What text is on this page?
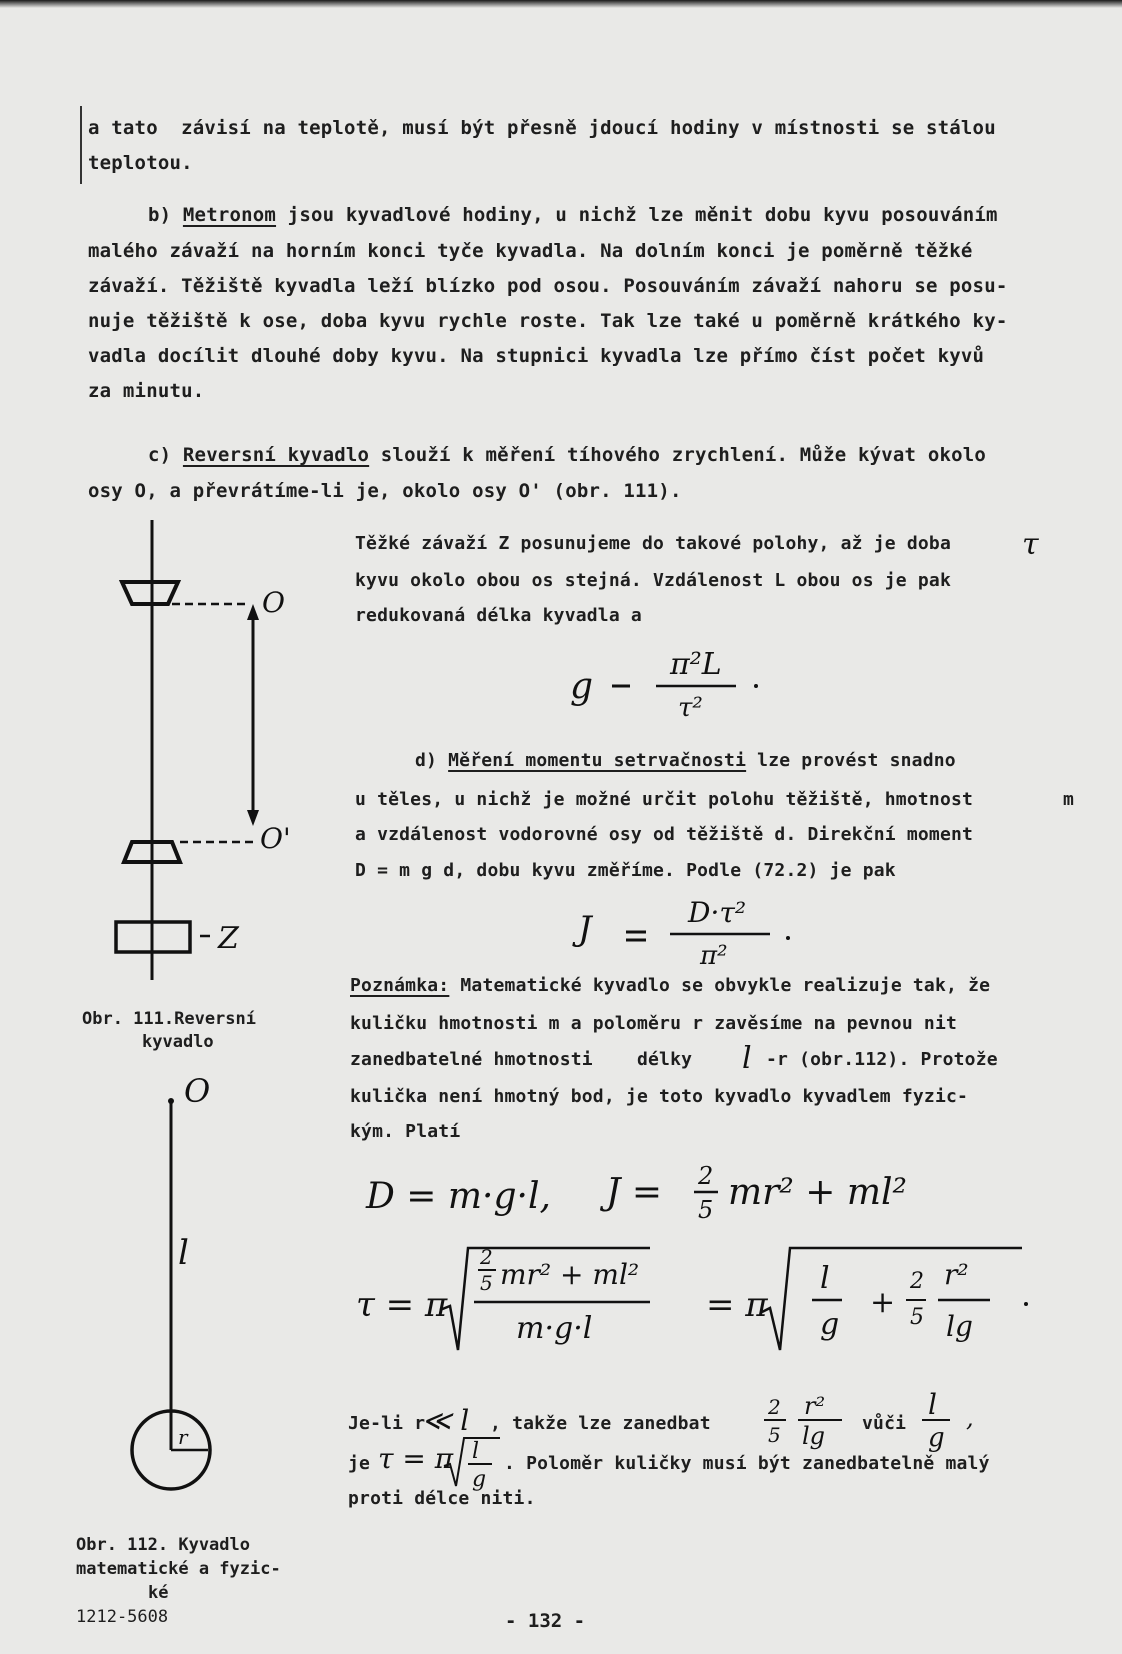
a tato  závisí na teplotě, musí být přesně jdoucí hodiny v místnosti se stálou
teplotou.
b) Metronom jsou kyvadlové hodiny, u nichž lze měnit dobu kyvu posouváním
malého závaží na horním konci tyče kyvadla. Na dolním konci je poměrně těžké
závaží. Těžiště kyvadla leží blízko pod osou. Posouváním závaží nahoru se posu-
nuje těžiště k ose, doba kyvu rychle roste. Tak lze také u poměrně krátkého ky-
vadla docílit dlouhé doby kyvu. Na stupnici kyvadla lze přímo číst počet kyvů
za minutu.
c) Reversní kyvadlo slouží k měření tíhového zrychlení. Může kývat okolo
osy O, a převrátíme-li je, okolo osy O' (obr. 111).
Těžké závaží Z posunujeme do takové polohy, až je doba
kyvu okolo obou os stejná. Vzdálenost L obou os je pak
redukovaná délka kyvadla a
τ
g
π²L
τ²
d) Měření momentu setrvačnosti lze provést snadno
u těles, u nichž je možné určit polohu těžiště, hmotnost	m
a vzdálenost vodorovné osy od těžiště d. Direkční moment
D = m g d, dobu kyvu změříme. Podle (72.2) je pak
J	D·τ²
π²
Poznámka: Matematické kyvadlo se obvykle realizuje tak, že
kuličku hmotnosti m a poloměru r zavěsíme na pevnou nit
zanedbatelné hmotnosti    délky l -r (obr.112). Protože
kulička není hmotný bod, je toto kyvadlo kyvadlem fyzic-
kým. Platí
D = m·g·l, J = 2
5 mr² + ml²
τ = π
2
5 mr² + ml²
m·g·l
= π
l
g
+
2
5
r²
lg
Je-li r
≪ l , takže lze zanedbat
2
5
r²
lg vůči
l
g
,
je τ = π l
g
. Poloměr kuličky musí být zanedbatelně malý
proti délce niti.
O
O'
Z
Obr. 111.Reversní
kyvadlo
O
l
r
Obr. 112. Kyvadlo
matematické a fyzic-
ké
1212-5608	- 132 -
